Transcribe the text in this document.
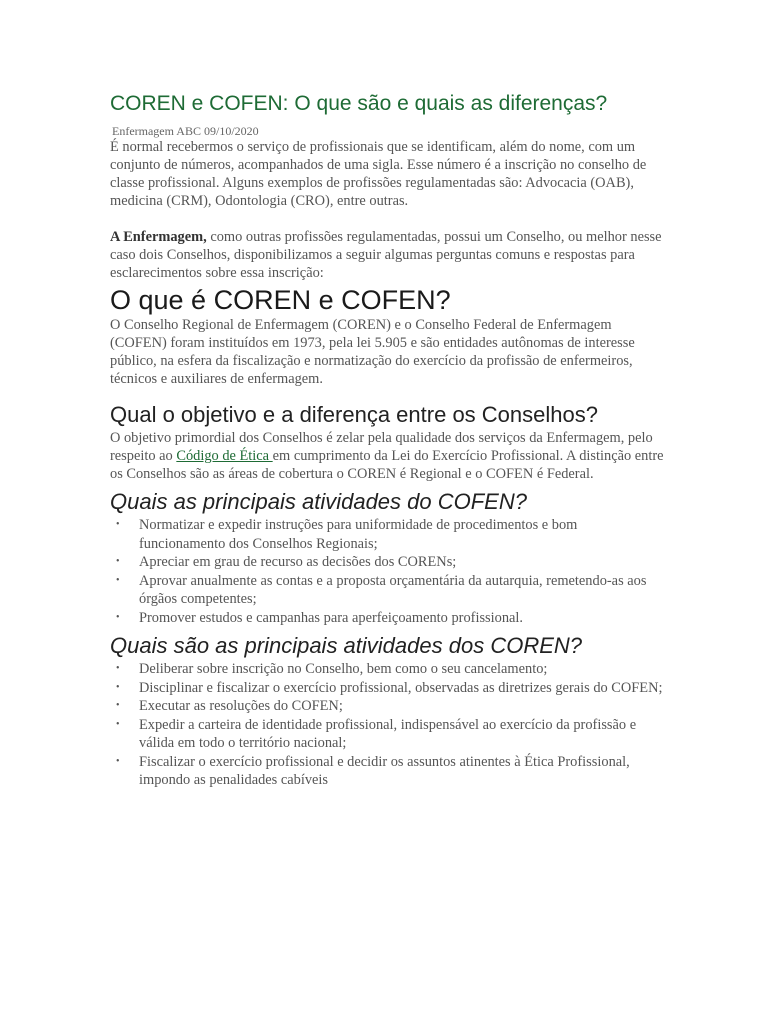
COREN e COFEN: O que são e quais as diferenças?
Enfermagem ABC 09/10/2020

É normal recebermos o serviço de profissionais que se identificam, além do nome, com um conjunto de números, acompanhados de uma sigla. Esse número é a inscrição no conselho de classe profissional. Alguns exemplos de profissões regulamentadas são: Advocacia (OAB), medicina (CRM), Odontologia (CRO), entre outras.

A Enfermagem, como outras profissões regulamentadas, possui um Conselho, ou melhor nesse caso dois Conselhos, disponibilizamos a seguir algumas perguntas comuns e respostas para esclarecimentos sobre essa inscrição:

O que é COREN e COFEN?

O Conselho Regional de Enfermagem (COREN) e o Conselho Federal de Enfermagem (COFEN) foram instituídos em 1973, pela lei 5.905 e são entidades autônomas de interesse público, na esfera da fiscalização e normatização do exercício da profissão de enfermeiros, técnicos e auxiliares de enfermagem.

Qual o objetivo e a diferença entre os Conselhos?

O objetivo primordial dos Conselhos é zelar pela qualidade dos serviços da Enfermagem, pelo respeito ao Código de Ética em cumprimento da Lei do Exercício Profissional. A distinção entre os Conselhos são as áreas de cobertura o COREN é Regional e o COFEN é Federal.

Quais as principais atividades do COFEN?
• Normatizar e expedir instruções para uniformidade de procedimentos e bom funcionamento dos Conselhos Regionais;
• Apreciar em grau de recurso as decisões dos CORENs;
• Aprovar anualmente as contas e a proposta orçamentária da autarquia, remetendo-as aos órgãos competentes;
• Promover estudos e campanhas para aperfeiçoamento profissional.
Quais são as principais atividades dos COREN?
• Deliberar sobre inscrição no Conselho, bem como o seu cancelamento;
• Disciplinar e fiscalizar o exercício profissional, observadas as diretrizes gerais do COFEN;
• Executar as resoluções do COFEN;
• Expedir a carteira de identidade profissional, indispensável ao exercício da profissão e válida em todo o território nacional;
• Fiscalizar o exercício profissional e decidir os assuntos atinentes à Ética Profissional, impondo as penalidades cabíveis
